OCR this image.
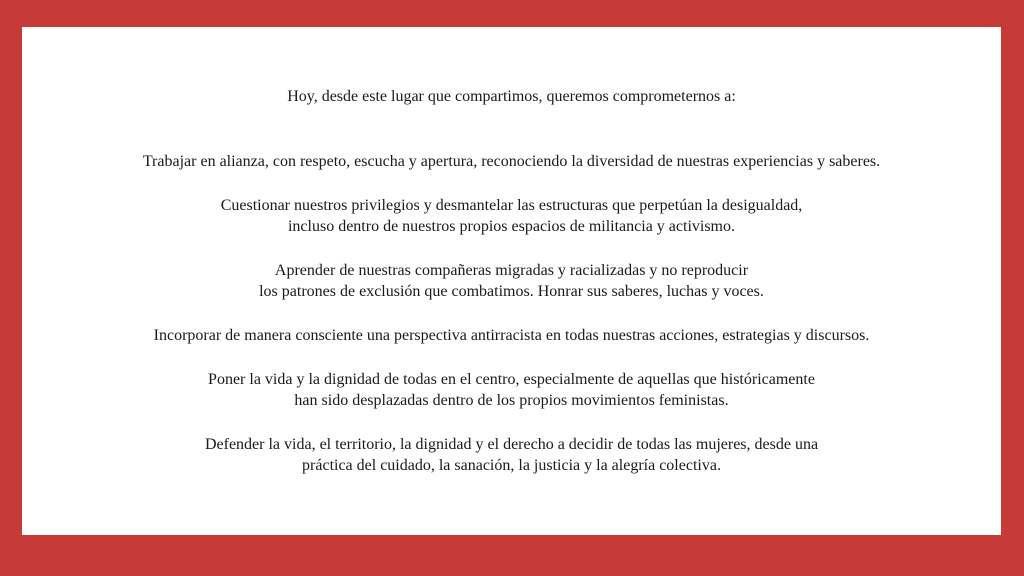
Hoy, desde este lugar que compartimos, queremos comprometernos a:
Trabajar en alianza, con respeto, escucha y apertura, reconociendo la diversidad de nuestras experiencias y saberes.
Cuestionar nuestros privilegios y desmantelar las estructuras que perpetúan la desigualdad,
incluso dentro de nuestros propios espacios de militancia y activismo.
Aprender de nuestras compañeras migradas y racializadas y no reproducir
los patrones de exclusión que combatimos. Honrar sus saberes, luchas y voces.
Incorporar de manera consciente una perspectiva antirracista en todas nuestras acciones, estrategias y discursos.
Poner la vida y la dignidad de todas en el centro, especialmente de aquellas que históricamente
han sido desplazadas dentro de los propios movimientos feministas.
Defender la vida, el territorio, la dignidad y el derecho a decidir de todas las mujeres, desde una
práctica del cuidado, la sanación, la justicia y la alegría colectiva.
